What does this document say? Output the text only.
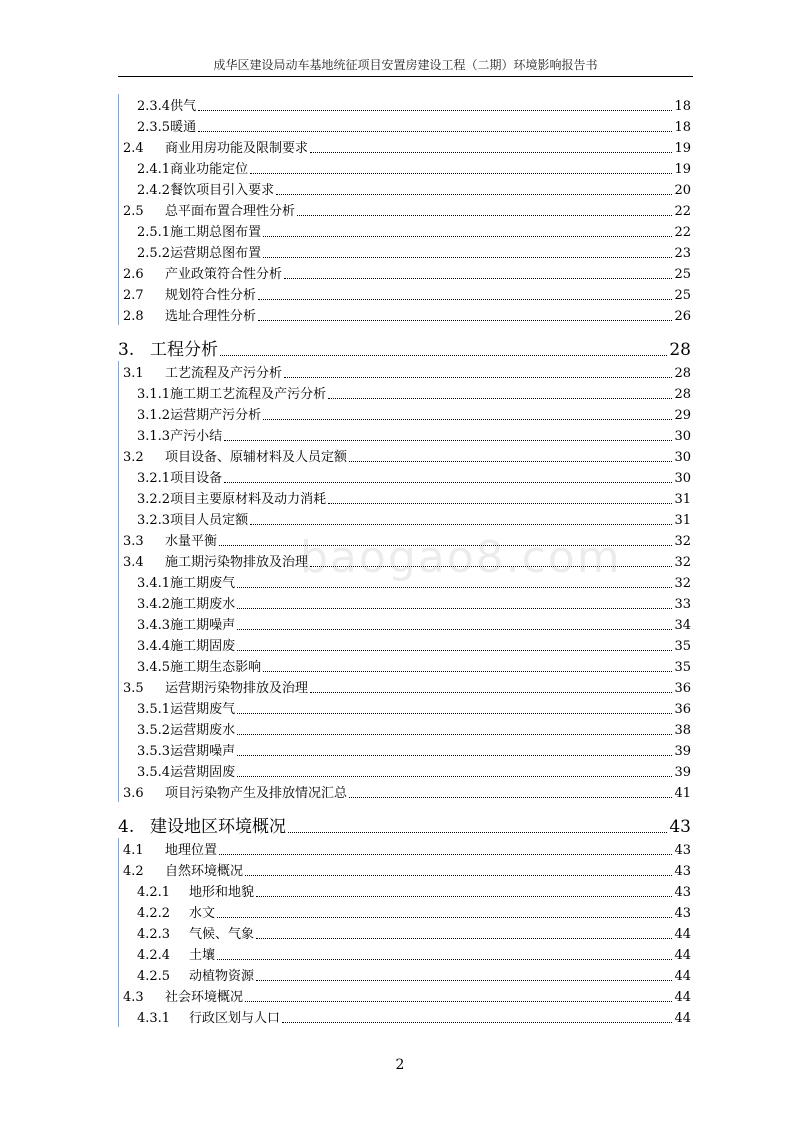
成华区建设局动车基地统征项目安置房建设工程（二期）环境影响报告书
2.3.4供气	18
2.3.5暖通	18
2.4 商业用房功能及限制要求	19
2.4.1商业功能定位	19
2.4.2餐饮项目引入要求	20
2.5 总平面布置合理性分析	22
2.5.1施工期总图布置	22
2.5.2运营期总图布置	23
2.6 产业政策符合性分析	25
2.7 规划符合性分析	25
2.8 选址合理性分析	26
3. 工程分析	28
3.1 工艺流程及产污分析	28
3.1.1施工期工艺流程及产污分析	28
3.1.2运营期产污分析	29
3.1.3产污小结	30
3.2 项目设备、原辅材料及人员定额	30
3.2.1项目设备	30
3.2.2项目主要原材料及动力消耗	31
3.2.3项目人员定额	31
3.3 水量平衡	32
3.4 施工期污染物排放及治理	32
3.4.1施工期废气	32
3.4.2施工期废水	33
3.4.3施工期噪声	34
3.4.4施工期固废	35
3.4.5施工期生态影响	35
3.5 运营期污染物排放及治理	36
3.5.1运营期废气	36
3.5.2运营期废水	38
3.5.3运营期噪声	39
3.5.4运营期固废	39
3.6 项目污染物产生及排放情况汇总	41
4. 建设地区环境概况	43
4.1 地理位置	43
4.2 自然环境概况	43
4.2.1 地形和地貌	43
4.2.2 水文	43
4.2.3 气候、气象	44
4.2.4 土壤	44
4.2.5 动植物资源	44
4.3 社会环境概况	44
4.3.1 行政区划与人口	44
baogao8.com
2
